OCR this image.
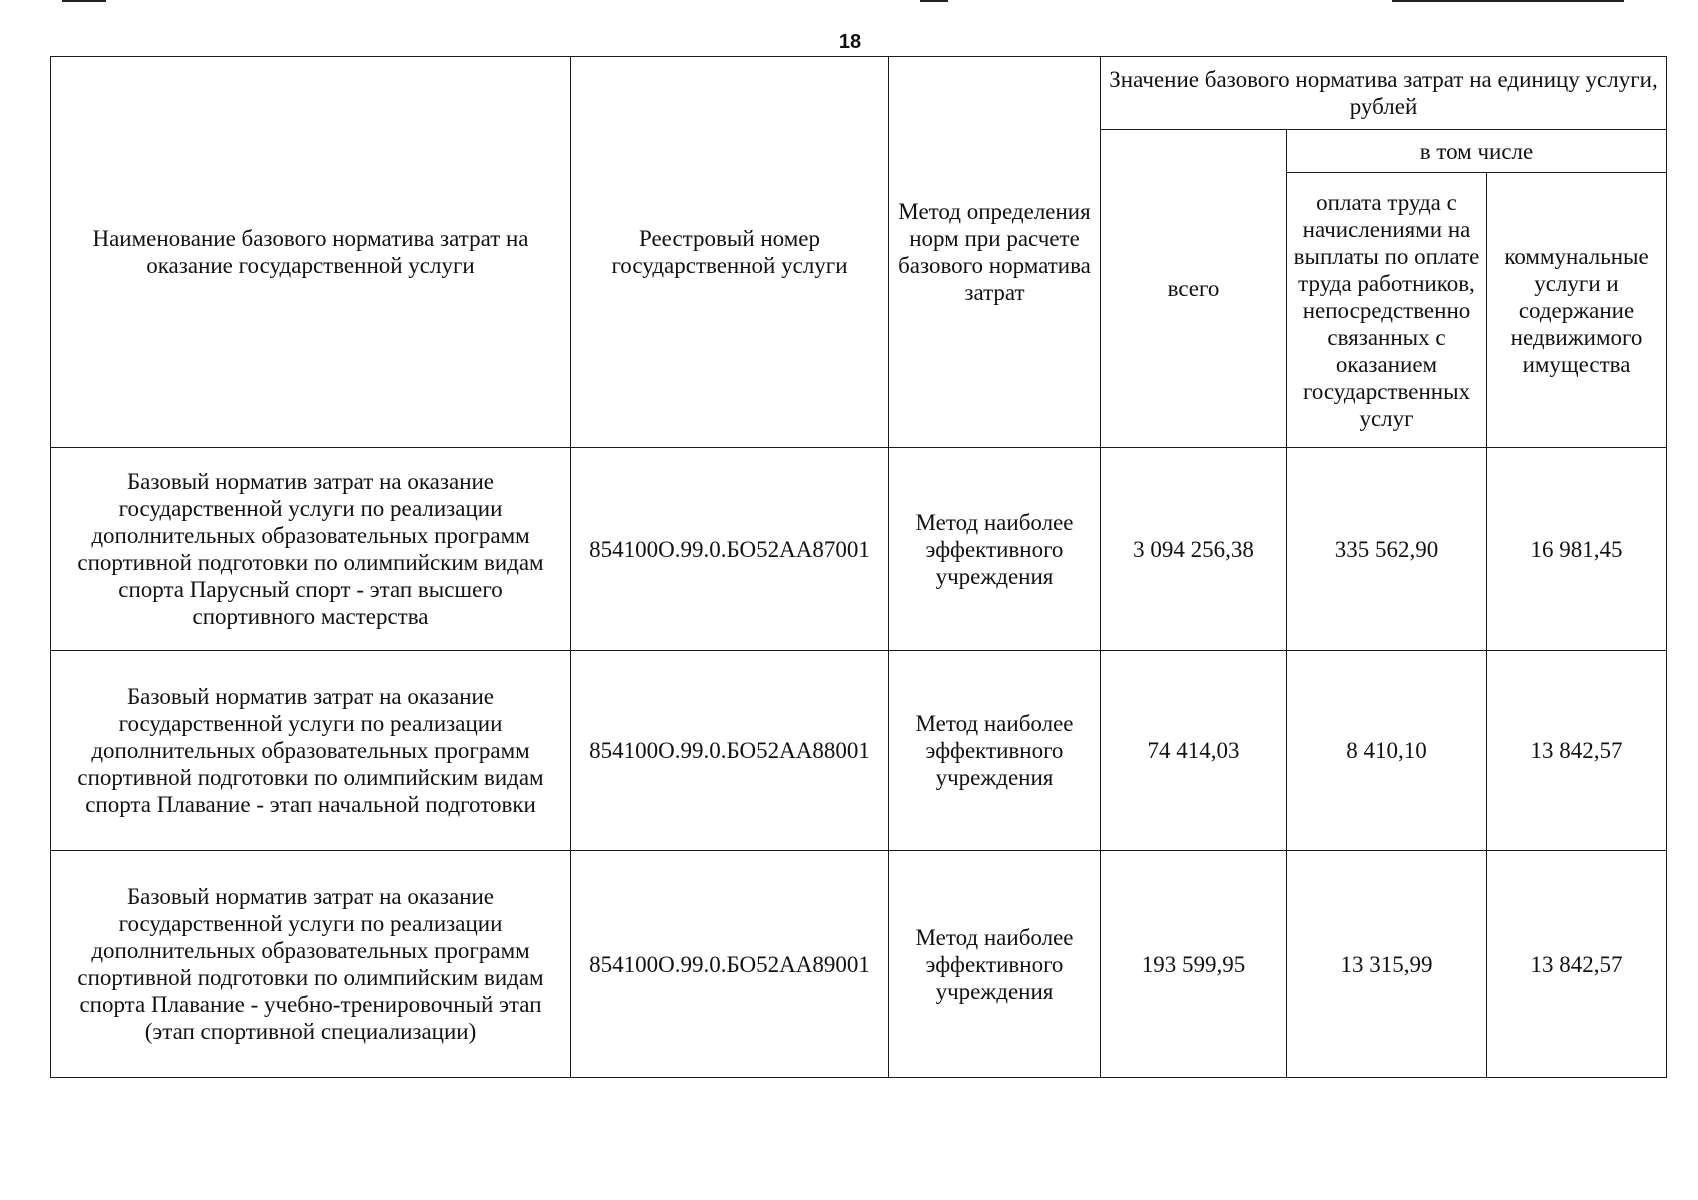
18
Наименование базового норматива затрат на оказание государственной услуги	Реестровый номер государственной услуги	Метод определения норм при расчете базового норматива затрат	Значение базового норматива затрат на единицу услуги, рублей		
			всего	в том числе	
				оплата труда с начислениями на выплаты по оплате труда работников, непосредственно связанных с оказанием государственных услуг	коммунальные услуги и содержание недвижимого имущества
Базовый норматив затрат на оказание государственной услуги по реализации дополнительных образовательных программ спортивной подготовки по олимпийским видам спорта Парусный спорт - этап высшего спортивного мастерства	854100О.99.0.БО52АА87001	Метод наиболее эффективного учреждения	3 094 256,38	335 562,90	16 981,45
Базовый норматив затрат на оказание государственной услуги по реализации дополнительных образовательных программ спортивной подготовки по олимпийским видам спорта Плавание - этап начальной подготовки	854100О.99.0.БО52АА88001	Метод наиболее эффективного учреждения	74 414,03	8 410,10	13 842,57
Базовый норматив затрат на оказание государственной услуги по реализации дополнительных образовательных программ спортивной подготовки по олимпийским видам спорта Плавание - учебно-тренировочный этап (этап спортивной специализации)	854100О.99.0.БО52АА89001	Метод наиболее эффективного учреждения	193 599,95	13 315,99	13 842,57
